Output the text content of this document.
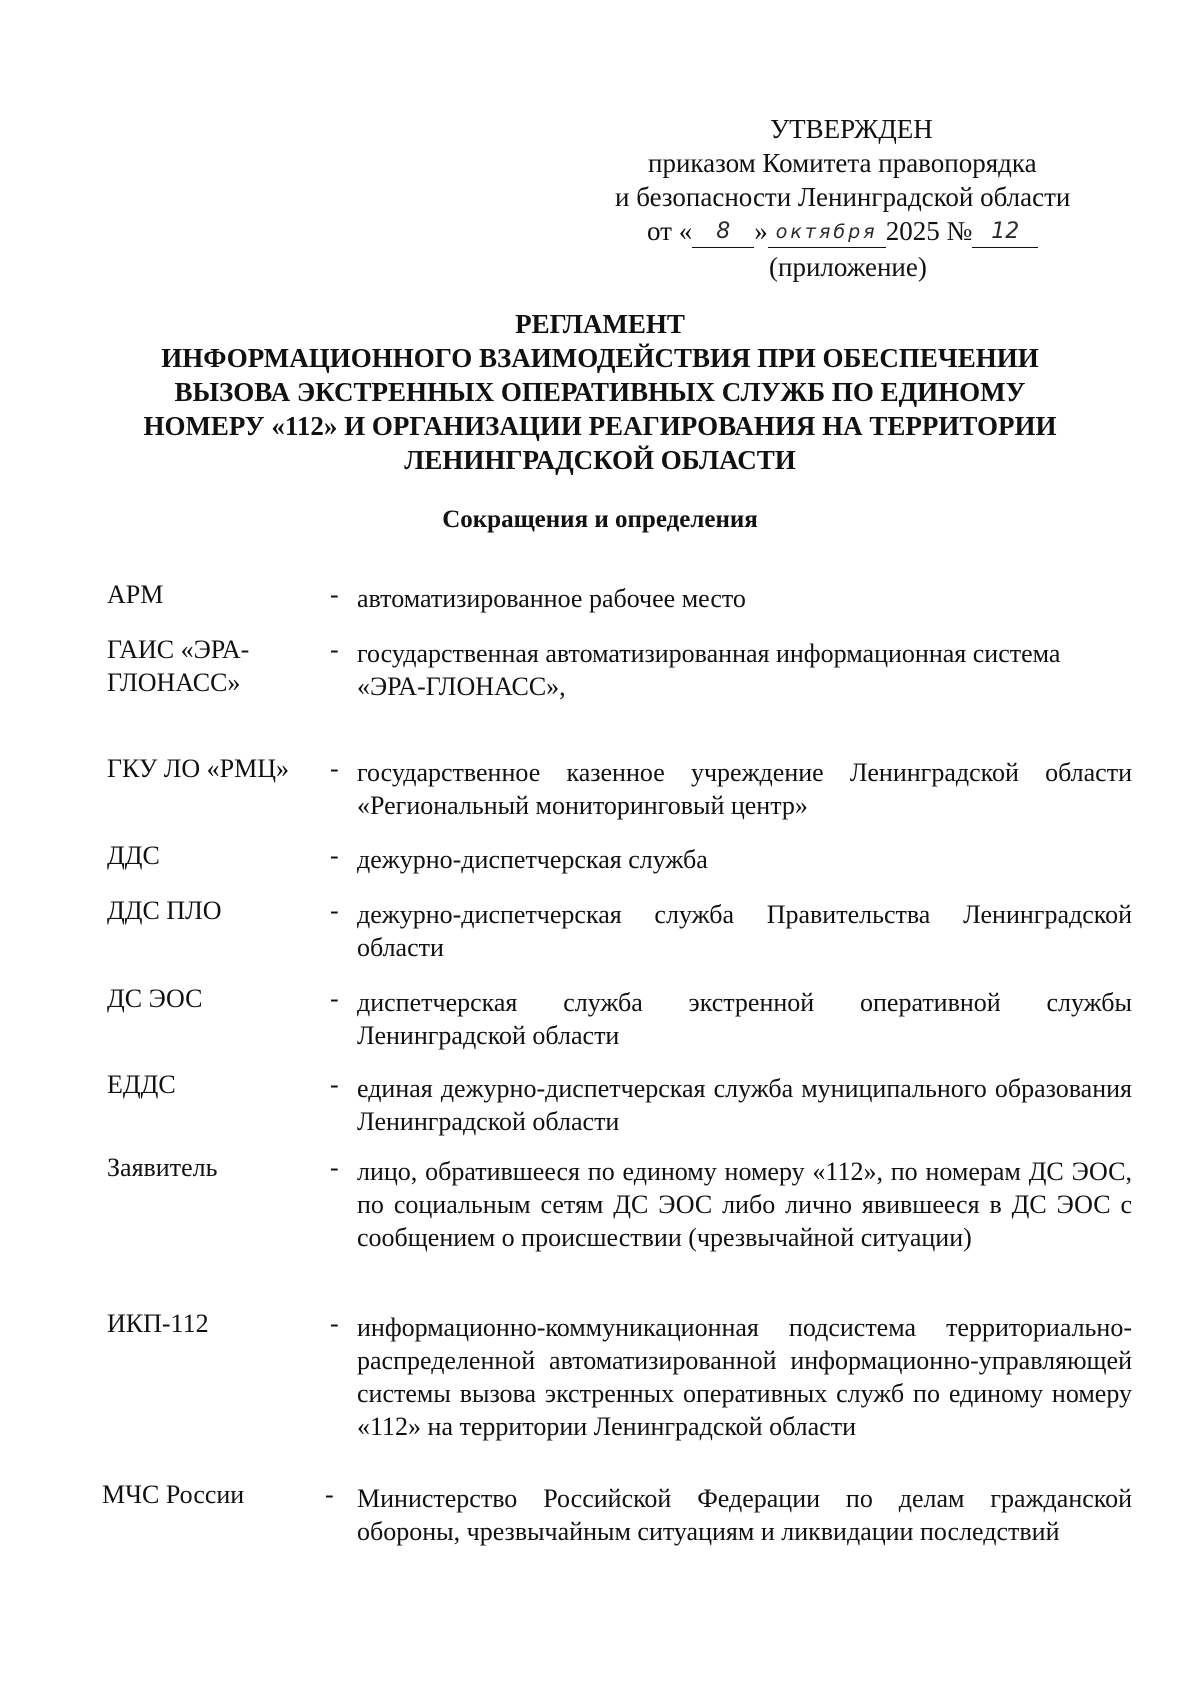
УТВЕРЖДЕН
приказом Комитета правопорядка
и безопасности Ленинградской области
от « 8 » октября 2025 № 12
(приложение)
РЕГЛАМЕНТ
ИНФОРМАЦИОННОГО ВЗАИМОДЕЙСТВИЯ ПРИ ОБЕСПЕЧЕНИИ
ВЫЗОВА ЭКСТРЕННЫХ ОПЕРАТИВНЫХ СЛУЖБ ПО ЕДИНОМУ
НОМЕРУ «112» И ОРГАНИЗАЦИИ РЕАГИРОВАНИЯ НА ТЕРРИТОРИИ
ЛЕНИНГРАДСКОЙ ОБЛАСТИ
Сокращения и определения
АРМ	- автоматизированное рабочее место
ГАИС «ЭРА-ГЛОНАСС»
- государственная автоматизированная информационная система «ЭРА-ГЛОНАСС»,
ГКУ ЛО «РМЦ»	- государственное казенное учреждение Ленинградской области «Региональный мониторинговый центр»
ДДС	- дежурно-диспетчерская служба
ДДС ПЛО	- дежурно-диспетчерская служба Правительства Ленинградской области
ДС ЭОС	- диспетчерская служба экстренной оперативной службы Ленинградской области
ЕДДС	- единая дежурно-диспетчерская служба муниципального образования Ленинградской области
Заявитель	- лицо, обратившееся по единому номеру «112», по номерам ДС ЭОС, по социальным сетям ДС ЭОС либо лично явившееся в ДС ЭОС с сообщением о происшествии (чрезвычайной ситуации)
ИКП-112	- информационно-коммуникационная подсистема территориально-распределенной автоматизированной информационно-управляющей системы вызова экстренных оперативных служб по единому номеру «112» на территории Ленинградской области
МЧС России	- Министерство Российской Федерации по делам гражданской обороны, чрезвычайным ситуациям и ликвидации последствий
